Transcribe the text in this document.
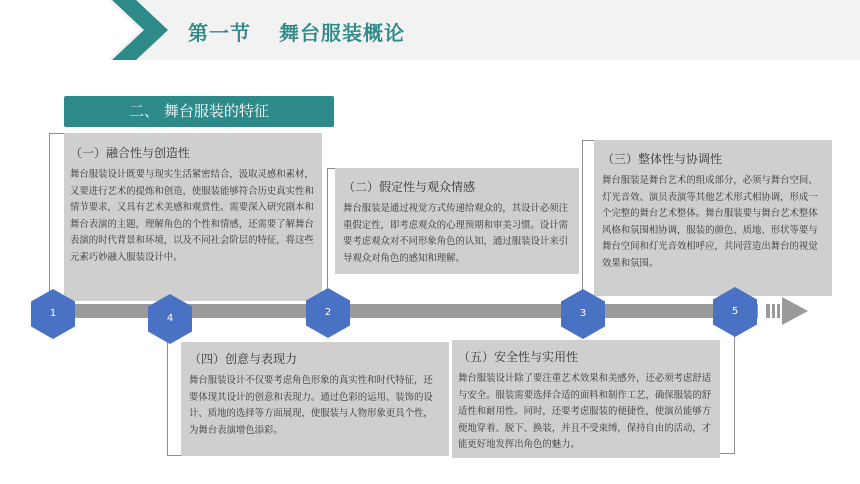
第一节 舞台服装概论
二、 舞台服装的特征
（一）融合性与创造性
舞台服装设计既要与现实生活紧密结合，汲取灵感和素材，又要进行艺术的提炼和创造，使服装能够符合历史真实性和情节要求，又具有艺术美感和观赏性。需要深入研究剧本和舞台表演的主题，理解角色的个性和情感，还需要了解舞台表演的时代背景和环境，以及不同社会阶层的特征，将这些元素巧妙融入服装设计中。
（二）假定性与观众情感
舞台服装是通过视觉方式传递给观众的，其设计必须注重假定性，即考虑观众的心理预期和审美习惯。设计需要考虑观众对不同形象角色的认知，通过服装设计来引导观众对角色的感知和理解。
（三）整体性与协调性
舞台服装是舞台艺术的组成部分，必须与舞台空间、灯光音效、演员表演等其他艺术形式相协调，形成一个完整的舞台艺术整体。舞台服装要与舞台艺术整体风格和氛围相协调，服装的颜色、质地、形状等要与舞台空间和灯光音效相呼应，共同营造出舞台的视觉效果和氛围。
（四）创意与表现力
舞台服装设计不仅要考虑角色形象的真实性和时代特征，还要体现其设计的创意和表现力。通过色彩的运用、装饰的设计、质地的选择等方面展现，使服装与人物形象更具个性，为舞台表演增色添彩。
（五）安全性与实用性
舞台服装设计除了要注重艺术效果和美感外，还必须考虑舒适与安全。服装需要选择合适的面料和制作工艺，确保服装的舒适性和耐用性。同时，还要考虑服装的便捷性，使演员能够方便地穿着、脱下、换装，并且不受束缚，保持自由的活动，才能更好地发挥出角色的魅力。
1	4
2	3	5
